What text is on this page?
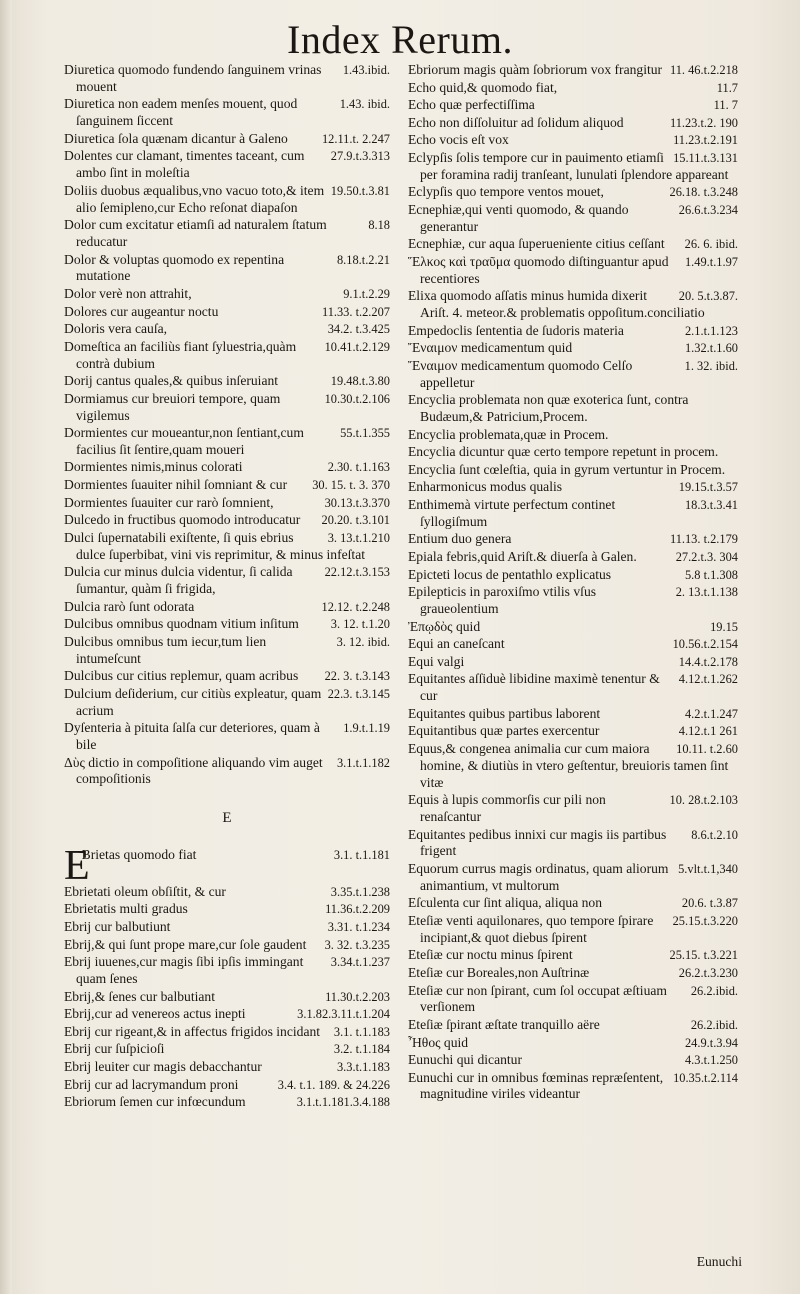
Index Rerum.
1.43.ibid.
Diuretica quomodo fundendo ſanguinem vrinas mouent
1.43. ibid.
Diuretica non eadem menſes mouent, quod ſanguinem ſiccent
12.11.t. 2.247
Diuretica ſola quænam dicantur à Galeno
27.9.t.3.313
Dolentes cur clamant, timentes taceant, cum ambo ſint in moleſtia
19.50.t.3.81
Doliis duobus æqualibus,vno vacuo toto,& item alio ſemipleno,cur Echo reſonat diapaſon
8.18
Dolor cum excitatur etiamſi ad naturalem ſtatum reducatur
8.18.t.2.21
Dolor & voluptas quomodo ex repentina mutatione
9.1.t.2.29
Dolor verè non attrahit,
11.33. t.2.207
Dolores cur augeantur noctu
34.2. t.3.425
Doloris vera cauſa,
10.41.t.2.129
Domeſtica an faciliùs fiant ſyluestria,quàm contrà dubium
19.48.t.3.80
Dorij cantus quales,& quibus inſeruiant
10.30.t.2.106
Dormiamus cur breuiori tempore, quam vigilemus
55.t.1.355
Dormientes cur moueantur,non ſentiant,cum facilius ſit ſentire,quam moueri
2.30. t.1.163
Dormientes nimis,minus colorati
30. 15. t. 3. 370
Dormientes ſuauiter nihil ſomniant & cur
30.13.t.3.370
Dormientes ſuauiter cur rarò ſomnient,
20.20. t.3.101
Dulcedo in fructibus quomodo introducatur
3. 13.t.1.210
Dulci ſupernatabili exiſtente, ſi quis ebrius dulce ſuperbibat, vini vis reprimitur, & minus infeſtat
22.12.t.3.153
Dulcia cur minus dulcia videntur, ſi calida ſumantur, quàm ſi frigida,
12.12. t.2.248
Dulcia rarò ſunt odorata
3. 12. t.1.20
Dulcibus omnibus quodnam vitium inſitum
3. 12. ibid.
Dulcibus omnibus tum iecur,tum lien intumeſcunt
22. 3. t.3.143
Dulcibus cur citius replemur, quam acribus
22.3. t.3.145
Dulcium deſiderium, cur citiùs expleatur, quam acrium
1.9.t.1.19
Dyſenteria à pituita ſalſa cur deteriores, quam à bile
3.1.t.1.182
Δὺς dictio in compoſitione aliquando vim auget compoſitionis
E
E	3.1. t.1.181
Brietas quomodo fiat
3.35.t.1.238
Ebrietati oleum obſiſtit, & cur
11.36.t.2.209
Ebrietatis multi gradus
3.31. t.1.234
Ebrij cur balbutiunt
3. 32. t.3.235
Ebrij,& qui ſunt prope mare,cur ſole gaudent
3.34.t.1.237
Ebrij iuuenes,cur magis ſibi ipſis immingant quam ſenes
11.30.t.2.203
Ebrij,& ſenes cur balbutiant
3.1.82.3.11.t.1.204
Ebrij,cur ad venereos actus inepti
3.1. t.1.183
Ebrij cur rigeant,& in affectus frigidos incidant
3.2. t.1.184
Ebrij cur ſuſpicioſi
3.3.t.1.183
Ebrij leuiter cur magis debacchantur
3.4. t.1. 189. & 24.226
Ebrij cur ad lacrymandum proni
3.1.t.1.181.3.4.188
Ebriorum ſemen cur infœcundum
11. 46.t.2.218
Ebriorum magis quàm ſobriorum vox frangitur
11.7
Echo quid,& quomodo fiat,
11. 7
Echo quæ perfectiſſima
11.23.t.2. 190
Echo non diſſoluitur ad ſolidum aliquod
11.23.t.2.191
Echo vocis eſt vox
15.11.t.3.131
Eclypſis ſolis tempore cur in pauimento etiamſi per foramina radij tranſeant, lunulati ſplendore appareant
26.18. t.3.248
Eclypſis quo tempore ventos mouet,
26.6.t.3.234
Ecnephiæ,qui venti quomodo, & quando generantur
26. 6. ibid.
Ecnephiæ, cur aqua ſuperueniente citius ceſſant
1.49.t.1.97
Ἕλκος καὶ τραῦμα quomodo diſtinguantur apud recentiores
20. 5.t.3.87.
Elixa quomodo aſſatis minus humida dixerit Ariſt. 4. meteor.& problematis oppoſitum.conciliatio
2.1.t.1.123
Empedoclis ſententia de ſudoris materia
1.32.t.1.60
Ἔναιμον medicamentum quid
1. 32. ibid.
Ἔναιμον medicamentum quomodo Celſo appelletur
Encyclia problemata non quæ exoterica ſunt, contra Budæum,& Patricium,Procem.
Encyclia problemata,quæ in Procem.
Encyclia dicuntur quæ certo tempore repetunt in procem.
Encyclia ſunt cœleſtia, quia in gyrum vertuntur in Procem.
19.15.t.3.57
Enharmonicus modus qualis
18.3.t.3.41
Enthimemà virtute perfectum continet ſyllogiſmum
11.13. t.2.179
Entium duo genera
27.2.t.3. 304
Epiala febris,quid Ariſt.& diuerſa à Galen.
5.8 t.1.308
Epicteti locus de pentathlo explicatus
2. 13.t.1.138
Epilepticis in paroxiſmo vtilis vſus graueolentium
19.15
Ἐπῳδὸς quid
10.56.t.2.154
Equi an caneſcant
14.4.t.2.178
Equi valgi
4.12.t.1.262
Equitantes aſſiduè libidine maximè tenentur & cur
4.2.t.1.247
Equitantes quibus partibus laborent
4.12.t.1 261
Equitantibus quæ partes exercentur
10.11. t.2.60
Equus,& congenea animalia cur cum maiora homine, & diutiùs in vtero geſtentur, breuioris tamen ſint vitæ
10. 28.t.2.103
Equis à lupis commorſis cur pili non renaſcantur
8.6.t.2.10
Equitantes pedibus innixi cur magis iis partibus frigent
5.vlt.t.1,340
Equorum currus magis ordinatus, quam aliorum animantium, vt multorum
20.6. t.3.87
Eſculenta cur ſint aliqua, aliqua non
25.15.t.3.220
Eteſiæ venti aquilonares, quo tempore ſpirare incipiant,& quot diebus ſpirent
25.15. t.3.221
Eteſiæ cur noctu minus ſpirent
26.2.t.3.230
Eteſiæ cur Boreales,non Auſtrinæ
26.2.ibid.
Eteſiæ cur non ſpirant, cum ſol occupat æſtiuam verſionem
26.2.ibid.
Eteſiæ ſpirant æſtate tranquillo aëre
24.9.t.3.94
Ἦθος quid
4.3.t.1.250
Eunuchi qui dicantur
10.35.t.2.114
Eunuchi cur in omnibus fœminas repræſentent, magnitudine viriles videantur
Eunuchi
